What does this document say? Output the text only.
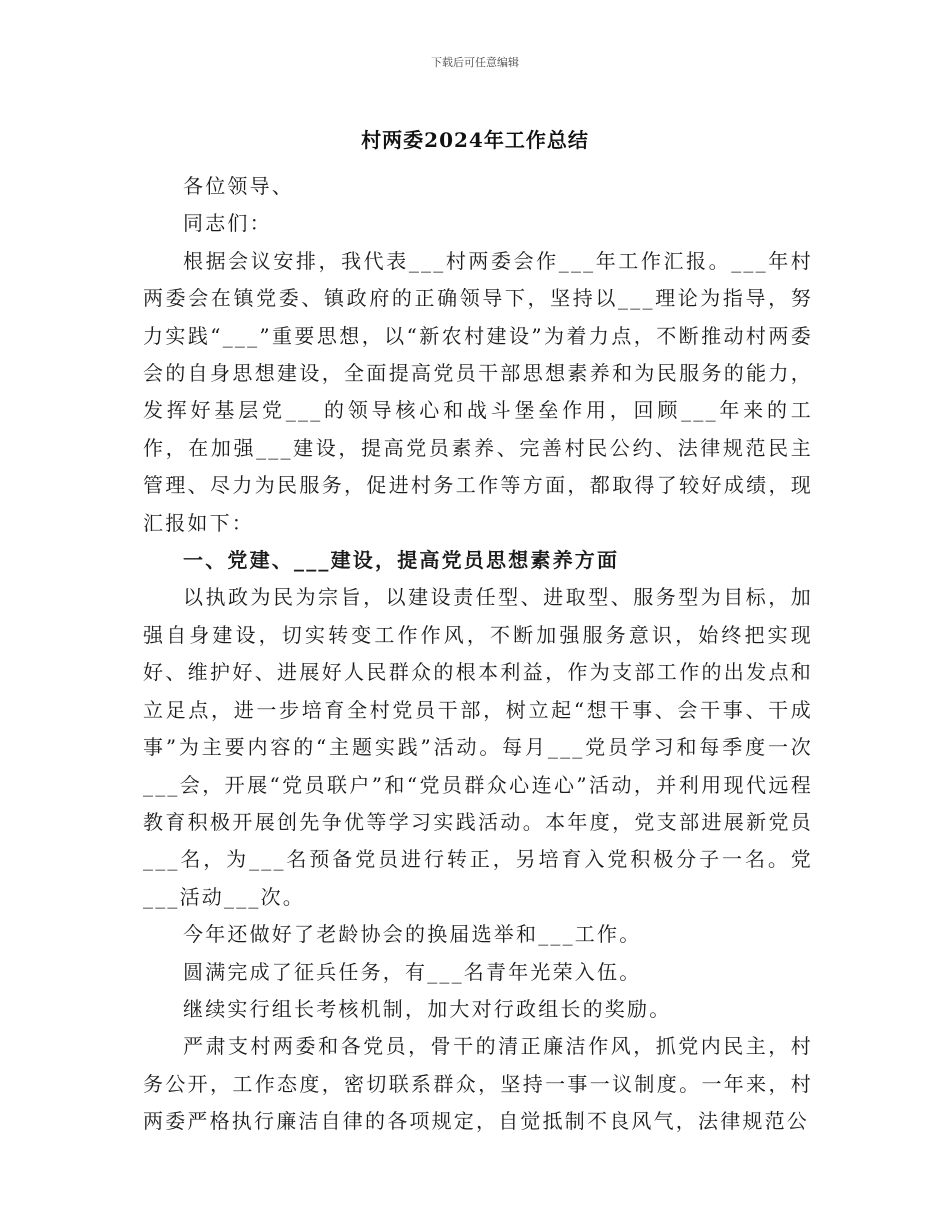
下载后可任意编辑
村两委2024年工作总结

各位领导、

同志们：

根据会议安排，我代表___村两委会作___年工作汇报。___年村两委会在镇党委、镇政府的正确领导下，坚持以___理论为指导，努力实践“___”重要思想，以“新农村建设”为着力点，不断推动村两委会的自身思想建设，全面提高党员干部思想素养和为民服务的能力，发挥好基层党___的领导核心和战斗堡垒作用，回顾___年来的工作，在加强___建设，提高党员素养、完善村民公约、法律规范民主管理、尽力为民服务，促进村务工作等方面，都取得了较好成绩，现汇报如下：

一、党建、___建设，提高党员思想素养方面

以执政为民为宗旨，以建设责任型、进取型、服务型为目标，加强自身建设，切实转变工作作风，不断加强服务意识，始终把实现好、维护好、进展好人民群众的根本利益，作为支部工作的出发点和立足点，进一步培育全村党员干部，树立起“想干事、会干事、干成事”为主要内容的“主题实践”活动。每月___党员学习和每季度一次___会，开展“党员联户”和“党员群众心连心”活动，并利用现代远程教育积极开展创先争优等学习实践活动。本年度，党支部进展新党员___名，为___名预备党员进行转正，另培育入党积极分子一名。党___活动___次。

今年还做好了老龄协会的换届选举和___工作。

圆满完成了征兵任务，有___名青年光荣入伍。

继续实行组长考核机制，加大对行政组长的奖励。

严肃支村两委和各党员，骨干的清正廉洁作风，抓党内民主，村务公开，工作态度，密切联系群众，坚持一事一议制度。一年来，村两委严格执行廉洁自律的各项规定，自觉抵制不良风气，法律规范公
